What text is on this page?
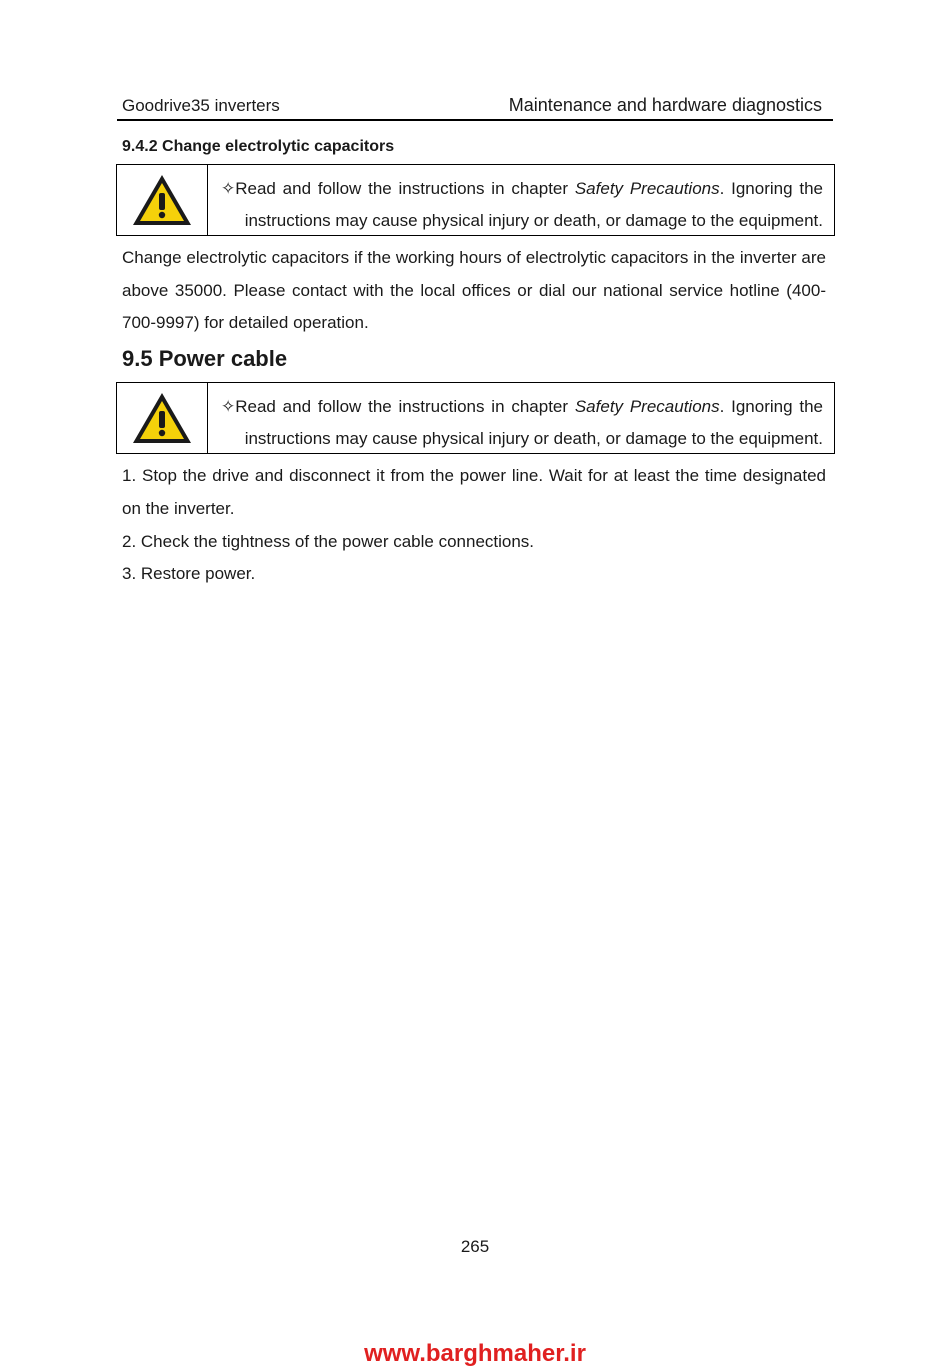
Goodrive35 inverters	Maintenance and hardware diagnostics
9.4.2 Change electrolytic capacitors
✧Read and follow the instructions in chapter Safety Precautions. Ignoring the
instructions may cause physical injury or death, or damage to the equipment.
Change electrolytic capacitors if the working hours of electrolytic capacitors in the inverter are above 35000. Please contact with the local offices or dial our national service hotline (400-700-9997) for detailed operation.
9.5 Power cable
✧Read and follow the instructions in chapter Safety Precautions. Ignoring the
instructions may cause physical injury or death, or damage to the equipment.
1. Stop the drive and disconnect it from the power line. Wait for at least the time designated on the inverter.
2. Check the tightness of the power cable connections.
3. Restore power.
265
www.barghmaher.ir
